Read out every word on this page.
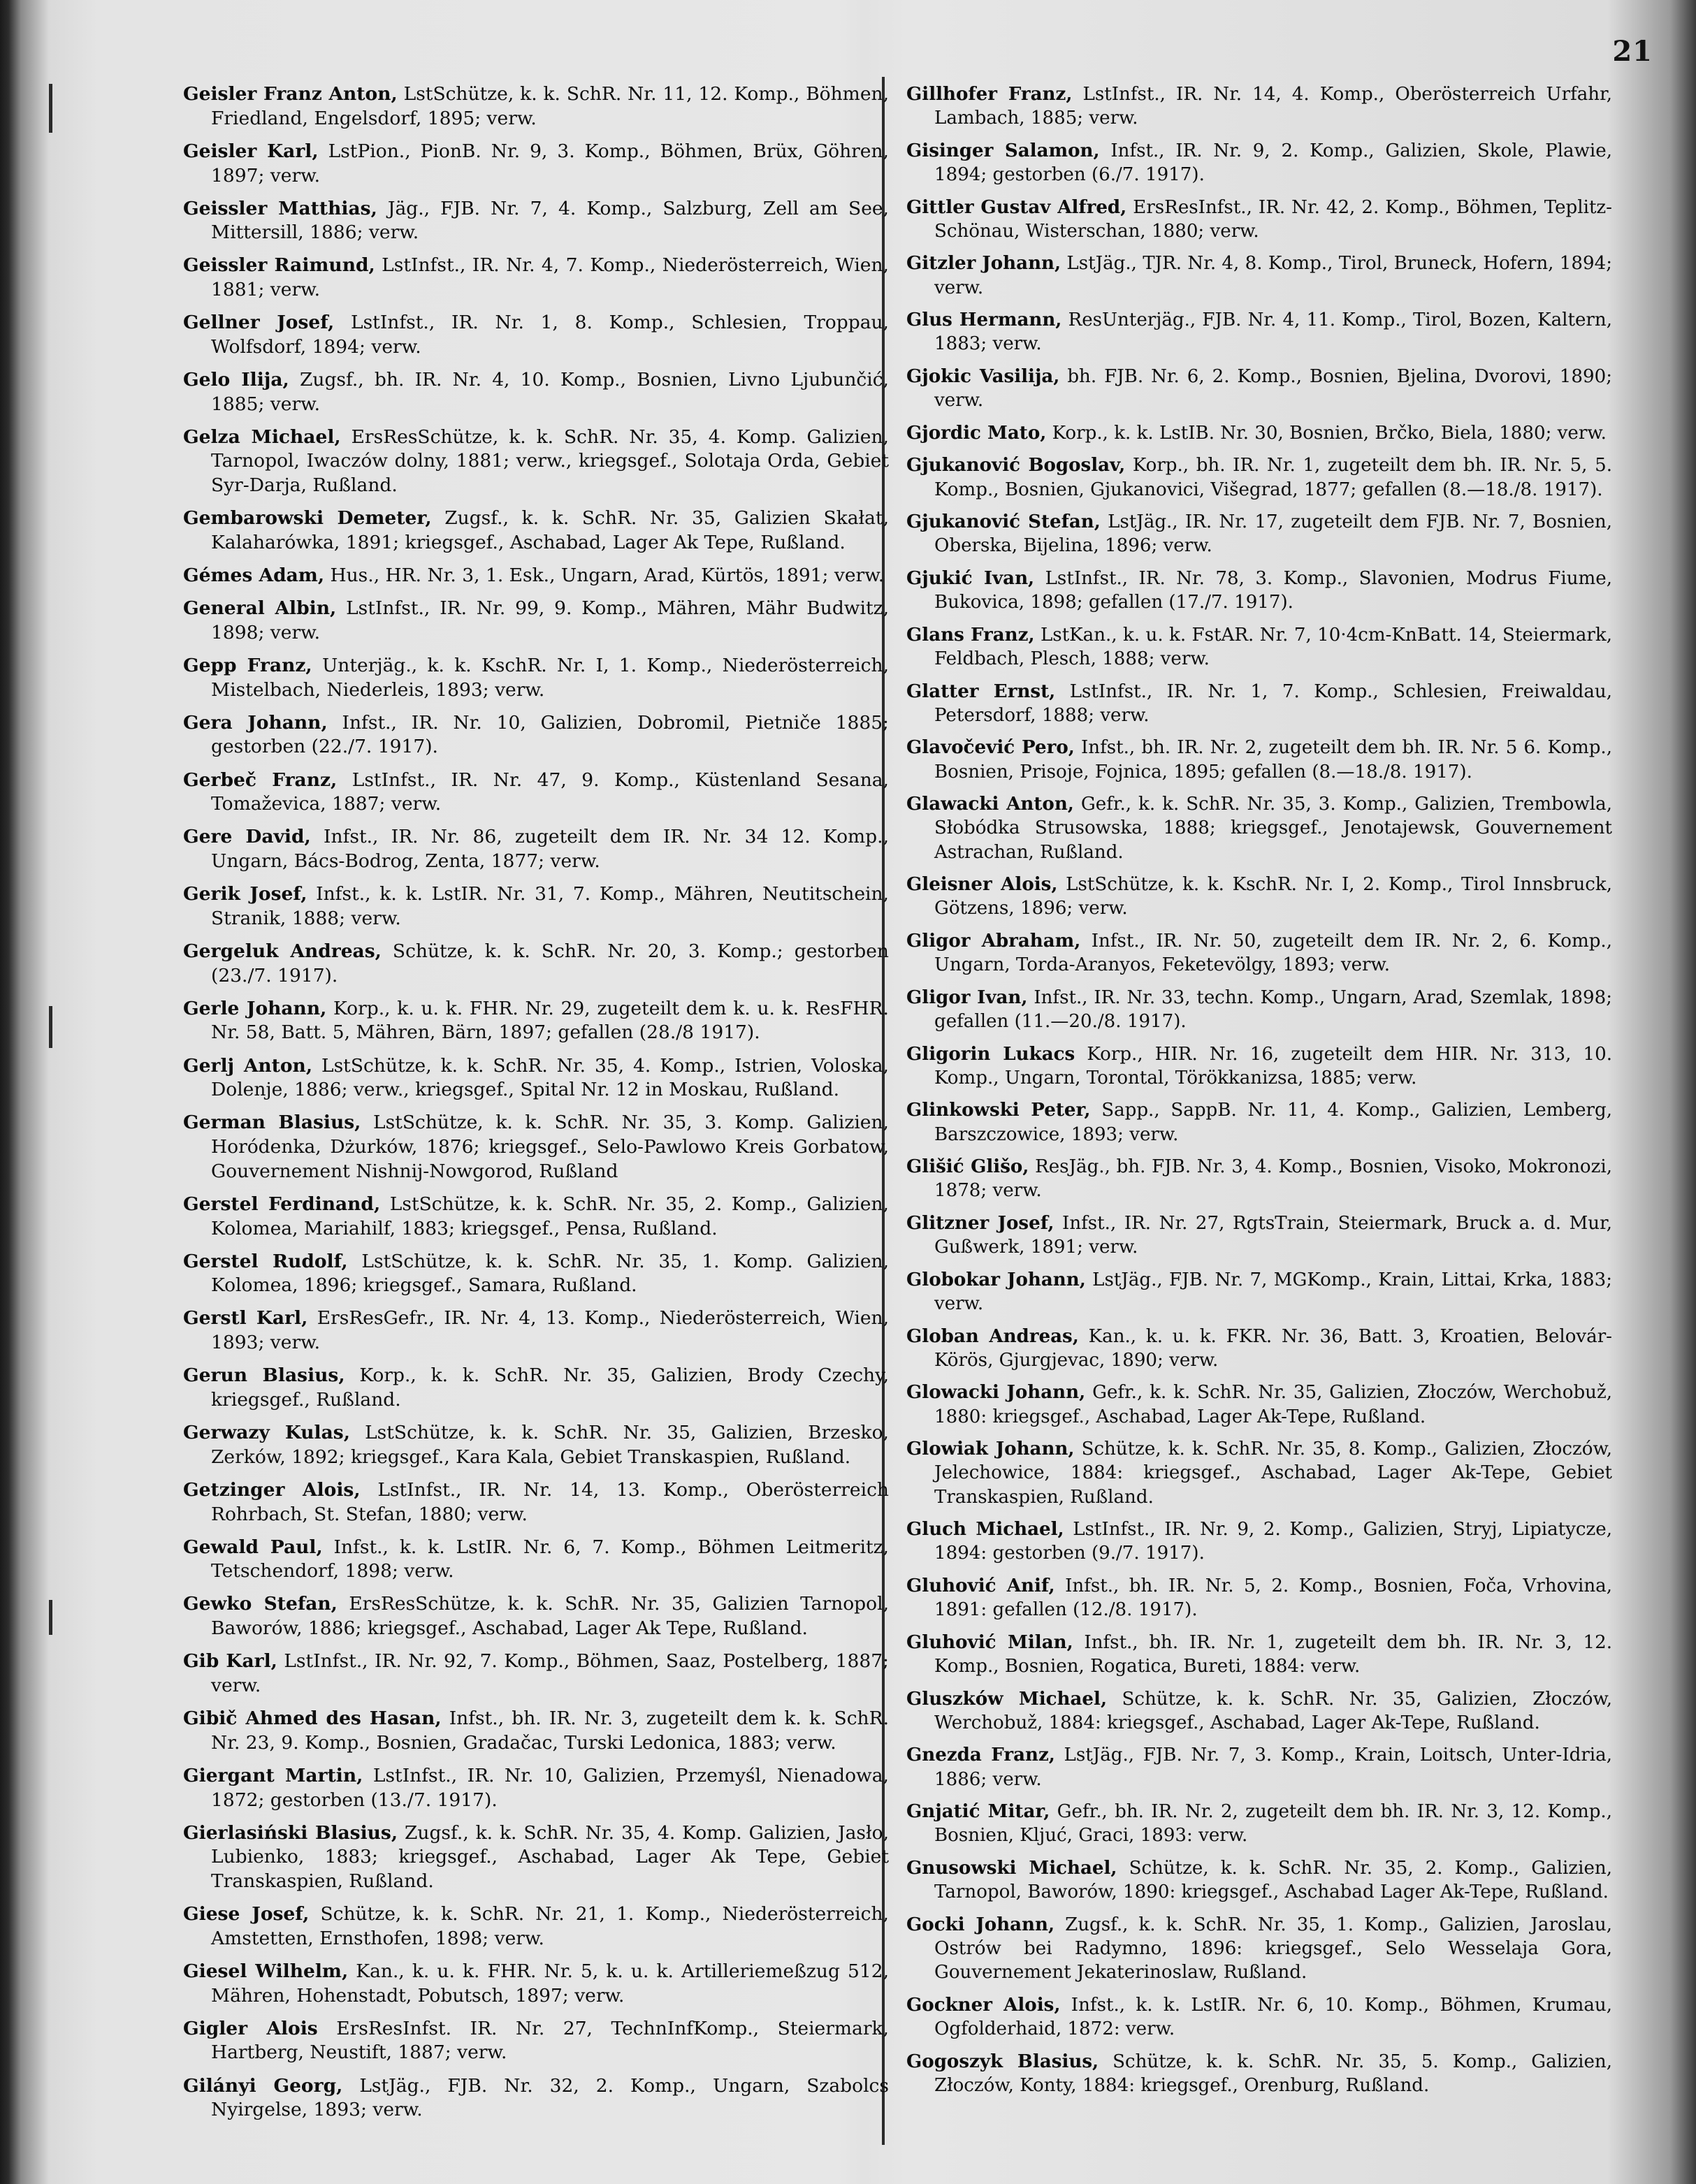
21
Geisler Franz Anton, LstSchütze, k. k. SchR. Nr. 11, 12. Komp., Böhmen, Friedland, Engelsdorf, 1895; verw.
Geisler Karl, LstPion., PionB. Nr. 9, 3. Komp., Böhmen, Brüx, Göhren, 1897; verw.
Geissler Matthias, Jäg., FJB. Nr. 7, 4. Komp., Salzburg, Zell am See, Mittersill, 1886; verw.
Geissler Raimund, LstInfst., IR. Nr. 4, 7. Komp., Niederösterreich, Wien, 1881; verw.
Gellner Josef, LstInfst., IR. Nr. 1, 8. Komp., Schlesien, Troppau, Wolfsdorf, 1894; verw.
Gelo Ilija, Zugsf., bh. IR. Nr. 4, 10. Komp., Bosnien, Livno Ljubunčić, 1885; verw.
Gelza Michael, ErsResSchütze, k. k. SchR. Nr. 35, 4. Komp. Galizien, Tarnopol, Iwaczów dolny, 1881; verw., kriegsgef., Solotaja Orda, Gebiet Syr-Darja, Rußland.
Gembarowski Demeter, Zugsf., k. k. SchR. Nr. 35, Galizien Skałat, Kalaharówka, 1891; kriegsgef., Aschabad, Lager Ak Tepe, Rußland.
Gémes Adam, Hus., HR. Nr. 3, 1. Esk., Ungarn, Arad, Kürtös, 1891; verw.
General Albin, LstInfst., IR. Nr. 99, 9. Komp., Mähren, Mähr Budwitz, 1898; verw.
Gepp Franz, Unterjäg., k. k. KschR. Nr. I, 1. Komp., Niederösterreich, Mistelbach, Niederleis, 1893; verw.
Gera Johann, Infst., IR. Nr. 10, Galizien, Dobromil, Pietniče 1885; gestorben (22./7. 1917).
Gerbeč Franz, LstInfst., IR. Nr. 47, 9. Komp., Küstenland Sesana, Tomaževica, 1887; verw.
Gere David, Infst., IR. Nr. 86, zugeteilt dem IR. Nr. 34 12. Komp., Ungarn, Bács-Bodrog, Zenta, 1877; verw.
Gerik Josef, Infst., k. k. LstIR. Nr. 31, 7. Komp., Mähren, Neutitschein, Stranik, 1888; verw.
Gergeluk Andreas, Schütze, k. k. SchR. Nr. 20, 3. Komp.; gestorben (23./7. 1917).
Gerle Johann, Korp., k. u. k. FHR. Nr. 29, zugeteilt dem k. u. k. ResFHR. Nr. 58, Batt. 5, Mähren, Bärn, 1897; gefallen (28./8 1917).
Gerlj Anton, LstSchütze, k. k. SchR. Nr. 35, 4. Komp., Istrien, Voloska, Dolenje, 1886; verw., kriegsgef., Spital Nr. 12 in Moskau, Rußland.
German Blasius, LstSchütze, k. k. SchR. Nr. 35, 3. Komp. Galizien, Horódenka, Dżurków, 1876; kriegsgef., Selo-Pawlowo Kreis Gorbatow, Gouvernement Nishnij-Nowgorod, Rußland
Gerstel Ferdinand, LstSchütze, k. k. SchR. Nr. 35, 2. Komp., Galizien, Kolomea, Mariahilf, 1883; kriegsgef., Pensa, Rußland.
Gerstel Rudolf, LstSchütze, k. k. SchR. Nr. 35, 1. Komp. Galizien, Kolomea, 1896; kriegsgef., Samara, Rußland.
Gerstl Karl, ErsResGefr., IR. Nr. 4, 13. Komp., Niederösterreich, Wien, 1893; verw.
Gerun Blasius, Korp., k. k. SchR. Nr. 35, Galizien, Brody Czechy, kriegsgef., Rußland.
Gerwazy Kulas, LstSchütze, k. k. SchR. Nr. 35, Galizien, Brzesko, Zerków, 1892; kriegsgef., Kara Kala, Gebiet Transkaspien, Rußland.
Getzinger Alois, LstInfst., IR. Nr. 14, 13. Komp., Oberösterreich Rohrbach, St. Stefan, 1880; verw.
Gewald Paul, Infst., k. k. LstIR. Nr. 6, 7. Komp., Böhmen Leitmeritz, Tetschendorf, 1898; verw.
Gewko Stefan, ErsResSchütze, k. k. SchR. Nr. 35, Galizien Tarnopol, Baworów, 1886; kriegsgef., Aschabad, Lager Ak Tepe, Rußland.
Gib Karl, LstInfst., IR. Nr. 92, 7. Komp., Böhmen, Saaz, Postelberg, 1887; verw.
Gibič Ahmed des Hasan, Infst., bh. IR. Nr. 3, zugeteilt dem k. k. SchR. Nr. 23, 9. Komp., Bosnien, Gradačac, Turski Ledonica, 1883; verw.
Giergant Martin, LstInfst., IR. Nr. 10, Galizien, Przemyśl, Nienadowa, 1872; gestorben (13./7. 1917).
Gierlasiński Blasius, Zugsf., k. k. SchR. Nr. 35, 4. Komp. Galizien, Jasło, Lubienko, 1883; kriegsgef., Aschabad, Lager Ak Tepe, Gebiet Transkaspien, Rußland.
Giese Josef, Schütze, k. k. SchR. Nr. 21, 1. Komp., Niederösterreich, Amstetten, Ernsthofen, 1898; verw.
Giesel Wilhelm, Kan., k. u. k. FHR. Nr. 5, k. u. k. Artilleriemeßzug 512, Mähren, Hohenstadt, Pobutsch, 1897; verw.
Gigler Alois ErsResInfst. IR. Nr. 27, TechnInfKomp., Steiermark, Hartberg, Neustift, 1887; verw.
Gilányi Georg, LstJäg., FJB. Nr. 32, 2. Komp., Ungarn, Szabolcs Nyirgelse, 1893; verw.
Gillhofer Franz, LstInfst., IR. Nr. 14, 4. Komp., Oberösterreich Urfahr, Lambach, 1885; verw.
Gisinger Salamon, Infst., IR. Nr. 9, 2. Komp., Galizien, Skole, Plawie, 1894; gestorben (6./7. 1917).
Gittler Gustav Alfred, ErsResInfst., IR. Nr. 42, 2. Komp., Böhmen, Teplitz-Schönau, Wisterschan, 1880; verw.
Gitzler Johann, LstJäg., TJR. Nr. 4, 8. Komp., Tirol, Bruneck, Hofern, 1894; verw.
Glus Hermann, ResUnterjäg., FJB. Nr. 4, 11. Komp., Tirol, Bozen, Kaltern, 1883; verw.
Gjokic Vasilija, bh. FJB. Nr. 6, 2. Komp., Bosnien, Bjelina, Dvorovi, 1890; verw.
Gjordic Mato, Korp., k. k. LstIB. Nr. 30, Bosnien, Brčko, Biela, 1880; verw.
Gjukanović Bogoslav, Korp., bh. IR. Nr. 1, zugeteilt dem bh. IR. Nr. 5, 5. Komp., Bosnien, Gjukanovici, Višegrad, 1877; gefallen (8.—18./8. 1917).
Gjukanović Stefan, LstJäg., IR. Nr. 17, zugeteilt dem FJB. Nr. 7, Bosnien, Oberska, Bijelina, 1896; verw.
Gjukić Ivan, LstInfst., IR. Nr. 78, 3. Komp., Slavonien, Modrus Fiume, Bukovica, 1898; gefallen (17./7. 1917).
Glans Franz, LstKan., k. u. k. FstAR. Nr. 7, 10·4cm-KnBatt. 14, Steiermark, Feldbach, Plesch, 1888; verw.
Glatter Ernst, LstInfst., IR. Nr. 1, 7. Komp., Schlesien, Freiwaldau, Petersdorf, 1888; verw.
Glavočević Pero, Infst., bh. IR. Nr. 2, zugeteilt dem bh. IR. Nr. 5 6. Komp., Bosnien, Prisoje, Fojnica, 1895; gefallen (8.—18./8. 1917).
Glawacki Anton, Gefr., k. k. SchR. Nr. 35, 3. Komp., Galizien, Trembowla, Słobódka Strusowska, 1888; kriegsgef., Jenotajewsk, Gouvernement Astrachan, Rußland.
Gleisner Alois, LstSchütze, k. k. KschR. Nr. I, 2. Komp., Tirol Innsbruck, Götzens, 1896; verw.
Gligor Abraham, Infst., IR. Nr. 50, zugeteilt dem IR. Nr. 2, 6. Komp., Ungarn, Torda-Aranyos, Feketevölgy, 1893; verw.
Gligor Ivan, Infst., IR. Nr. 33, techn. Komp., Ungarn, Arad, Szemlak, 1898; gefallen (11.—20./8. 1917).
Gligorin Lukacs Korp., HIR. Nr. 16, zugeteilt dem HIR. Nr. 313, 10. Komp., Ungarn, Torontal, Törökkanizsa, 1885; verw.
Glinkowski Peter, Sapp., SappB. Nr. 11, 4. Komp., Galizien, Lemberg, Barszczowice, 1893; verw.
Glišić Glišo, ResJäg., bh. FJB. Nr. 3, 4. Komp., Bosnien, Visoko, Mokronozi, 1878; verw.
Glitzner Josef, Infst., IR. Nr. 27, RgtsTrain, Steiermark, Bruck a. d. Mur, Gußwerk, 1891; verw.
Globokar Johann, LstJäg., FJB. Nr. 7, MGKomp., Krain, Littai, Krka, 1883; verw.
Globan Andreas, Kan., k. u. k. FKR. Nr. 36, Batt. 3, Kroatien, Belovár-Körös, Gjurgjevac, 1890; verw.
Glowacki Johann, Gefr., k. k. SchR. Nr. 35, Galizien, Złoczów, Werchobuž, 1880: kriegsgef., Aschabad, Lager Ak-Tepe, Rußland.
Glowiak Johann, Schütze, k. k. SchR. Nr. 35, 8. Komp., Galizien, Złoczów, Jelechowice, 1884: kriegsgef., Aschabad, Lager Ak-Tepe, Gebiet Transkaspien, Rußland.
Gluch Michael, LstInfst., IR. Nr. 9, 2. Komp., Galizien, Stryj, Lipiatycze, 1894: gestorben (9./7. 1917).
Gluhović Anif, Infst., bh. IR. Nr. 5, 2. Komp., Bosnien, Foča, Vrhovina, 1891: gefallen (12./8. 1917).
Gluhović Milan, Infst., bh. IR. Nr. 1, zugeteilt dem bh. IR. Nr. 3, 12. Komp., Bosnien, Rogatica, Bureti, 1884: verw.
Gluszków Michael, Schütze, k. k. SchR. Nr. 35, Galizien, Złoczów, Werchobuž, 1884: kriegsgef., Aschabad, Lager Ak-Tepe, Rußland.
Gnezda Franz, LstJäg., FJB. Nr. 7, 3. Komp., Krain, Loitsch, Unter-Idria, 1886; verw.
Gnjatić Mitar, Gefr., bh. IR. Nr. 2, zugeteilt dem bh. IR. Nr. 3, 12. Komp., Bosnien, Kljuć, Graci, 1893: verw.
Gnusowski Michael, Schütze, k. k. SchR. Nr. 35, 2. Komp., Galizien, Tarnopol, Baworów, 1890: kriegsgef., Aschabad Lager Ak-Tepe, Rußland.
Gocki Johann, Zugsf., k. k. SchR. Nr. 35, 1. Komp., Galizien, Jaroslau, Ostrów bei Radymno, 1896: kriegsgef., Selo Wesselaja Gora, Gouvernement Jekaterinoslaw, Rußland.
Gockner Alois, Infst., k. k. LstIR. Nr. 6, 10. Komp., Böhmen, Krumau, Ogfolderhaid, 1872: verw.
Gogoszyk Blasius, Schütze, k. k. SchR. Nr. 35, 5. Komp., Galizien, Złoczów, Konty, 1884: kriegsgef., Orenburg, Rußland.
